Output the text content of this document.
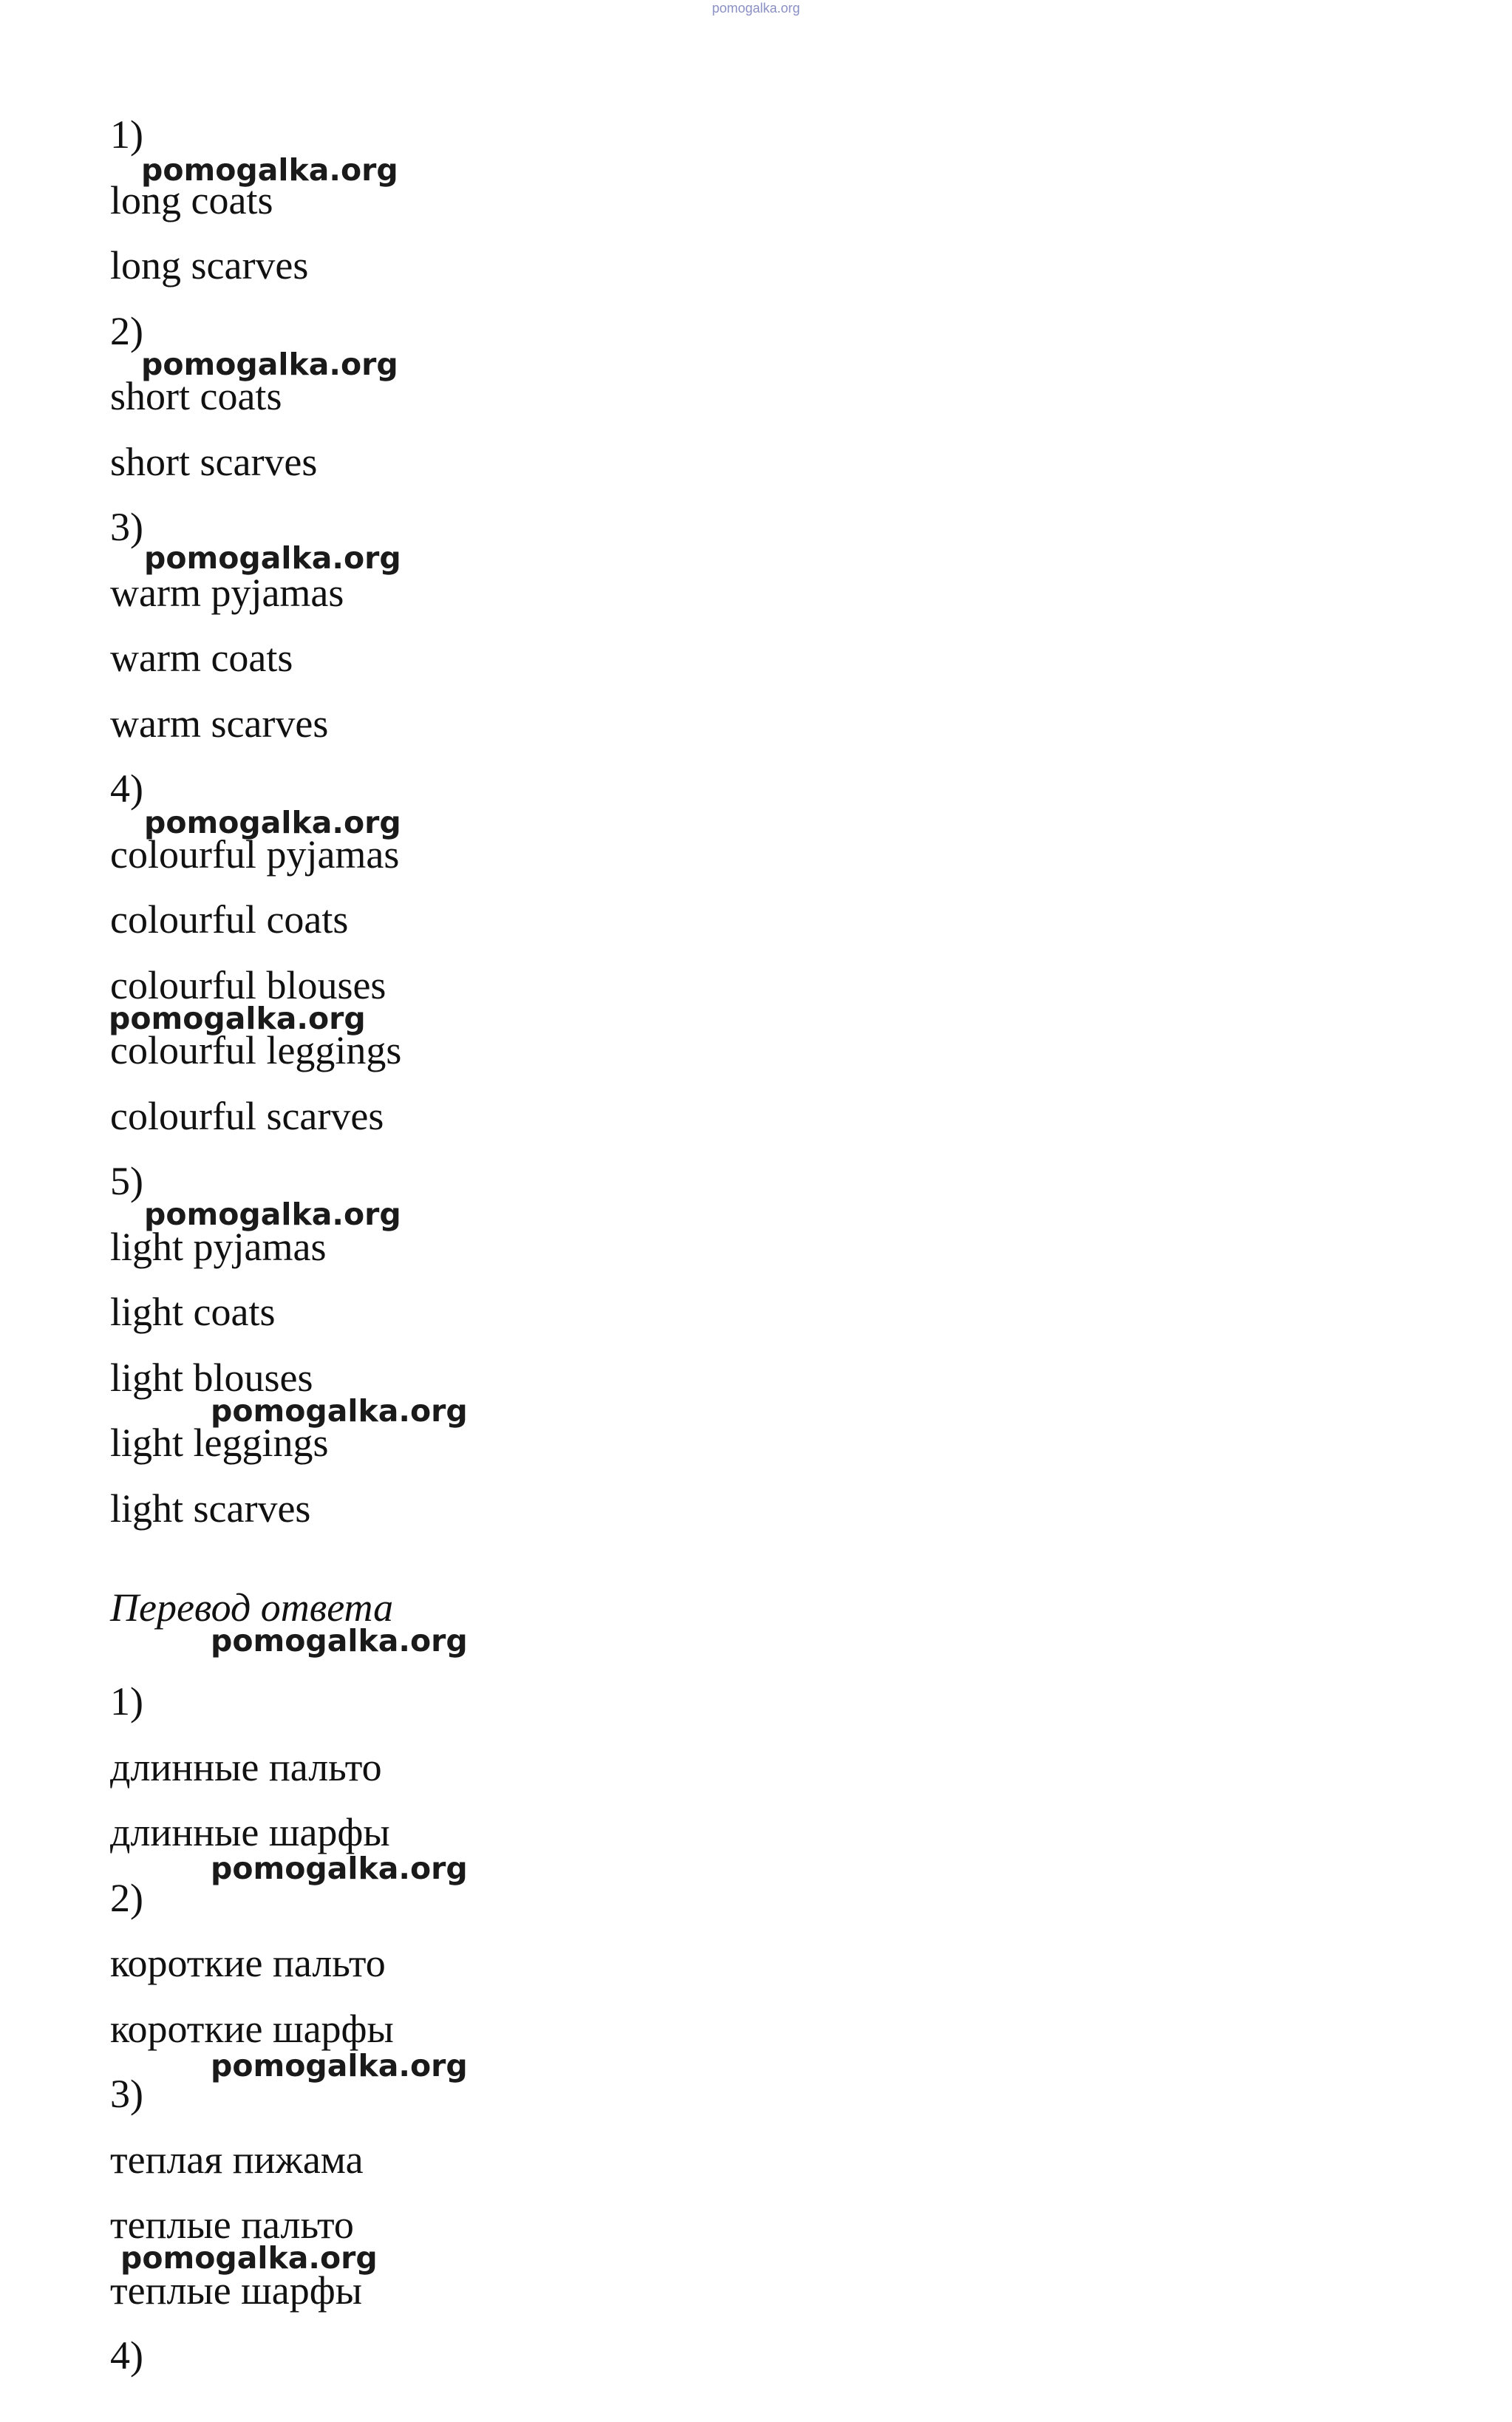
pomogalka.org
1)
long coats
long scarves
2)
short coats
short scarves
3)
warm pyjamas
warm coats
warm scarves
4)
colourful pyjamas
colourful coats
colourful blouses
colourful leggings
colourful scarves
5)
light pyjamas
light coats
light blouses
light leggings
light scarves
Перевод ответа
1)
длинные пальто
длинные шарфы
2)
короткие пальто
короткие шарфы
3)
теплая пижама
теплые пальто
теплые шарфы
4)
pomogalka.org
pomogalka.org
pomogalka.org
pomogalka.org
pomogalka.org
pomogalka.org
pomogalka.org
pomogalka.org
pomogalka.org
pomogalka.org
pomogalka.org
